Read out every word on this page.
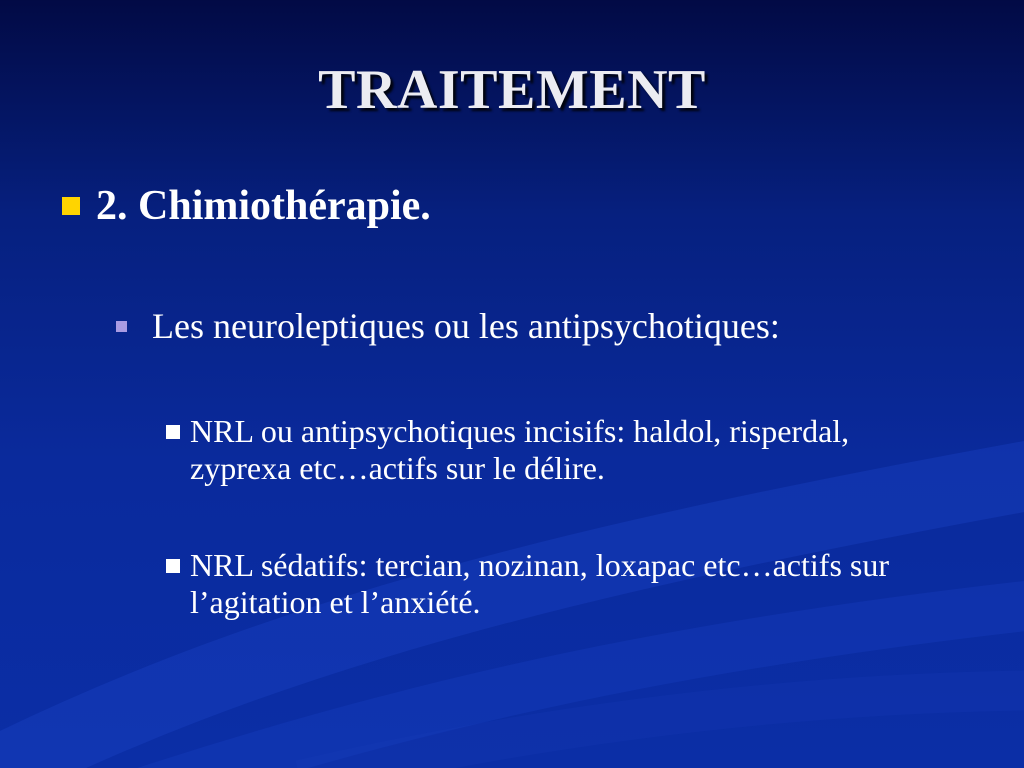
TRAITEMENT
2. Chimiothérapie.
Les neuroleptiques ou les antipsychotiques:
NRL ou antipsychotiques incisifs: haldol, risperdal, zyprexa etc…actifs sur le délire.
NRL sédatifs: tercian, nozinan, loxapac etc…actifs sur l’agitation et l’anxiété.
